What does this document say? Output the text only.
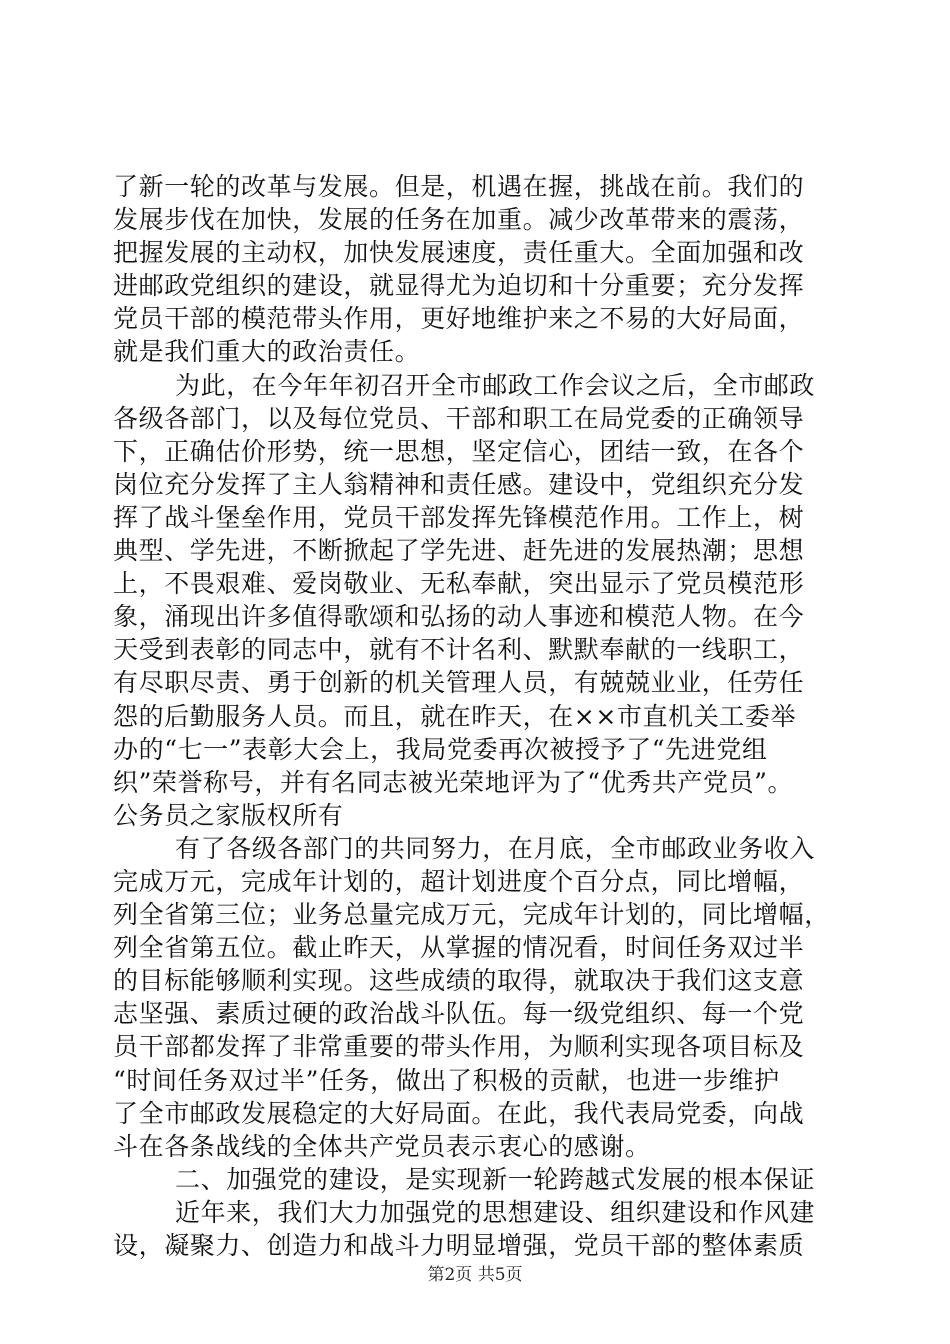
了新一轮的改革与发展。但是，机遇在握，挑战在前。我们的
发展步伐在加快，发展的任务在加重。减少改革带来的震荡，
把握发展的主动权，加快发展速度，责任重大。全面加强和改
进邮政党组织的建设，就显得尤为迫切和十分重要；充分发挥
党员干部的模范带头作用，更好地维护来之不易的大好局面，
就是我们重大的政治责任。
为此，在今年年初召开全市邮政工作会议之后，全市邮政
各级各部门，以及每位党员、干部和职工在局党委的正确领导
下，正确估价形势，统一思想，坚定信心，团结一致，在各个
岗位充分发挥了主人翁精神和责任感。建设中，党组织充分发
挥了战斗堡垒作用，党员干部发挥先锋模范作用。工作上，树
典型、学先进，不断掀起了学先进、赶先进的发展热潮；思想
上，不畏艰难、爱岗敬业、无私奉献，突出显示了党员模范形
象，涌现出许多值得歌颂和弘扬的动人事迹和模范人物。在今
天受到表彰的同志中，就有不计名利、默默奉献的一线职工，
有尽职尽责、勇于创新的机关管理人员，有兢兢业业，任劳任
怨的后勤服务人员。而且，就在昨天，在××市直机关工委举
办的“七一”表彰大会上，我局党委再次被授予了“先进党组
织”荣誉称号，并有名同志被光荣地评为了“优秀共产党员”。
公务员之家版权所有
有了各级各部门的共同努力，在月底，全市邮政业务收入
完成万元，完成年计划的，超计划进度个百分点，同比增幅，
列全省第三位；业务总量完成万元，完成年计划的，同比增幅，
列全省第五位。截止昨天，从掌握的情况看，时间任务双过半
的目标能够顺利实现。这些成绩的取得，就取决于我们这支意
志坚强、素质过硬的政治战斗队伍。每一级党组织、每一个党
员干部都发挥了非常重要的带头作用，为顺利实现各项目标及
“时间任务双过半”任务，做出了积极的贡献，也进一步维护
了全市邮政发展稳定的大好局面。在此，我代表局党委，向战
斗在各条战线的全体共产党员表示衷心的感谢。
二、加强党的建设，是实现新一轮跨越式发展的根本保证
近年来，我们大力加强党的思想建设、组织建设和作风建
设，凝聚力、创造力和战斗力明显增强，党员干部的整体素质
第2页 共5页
